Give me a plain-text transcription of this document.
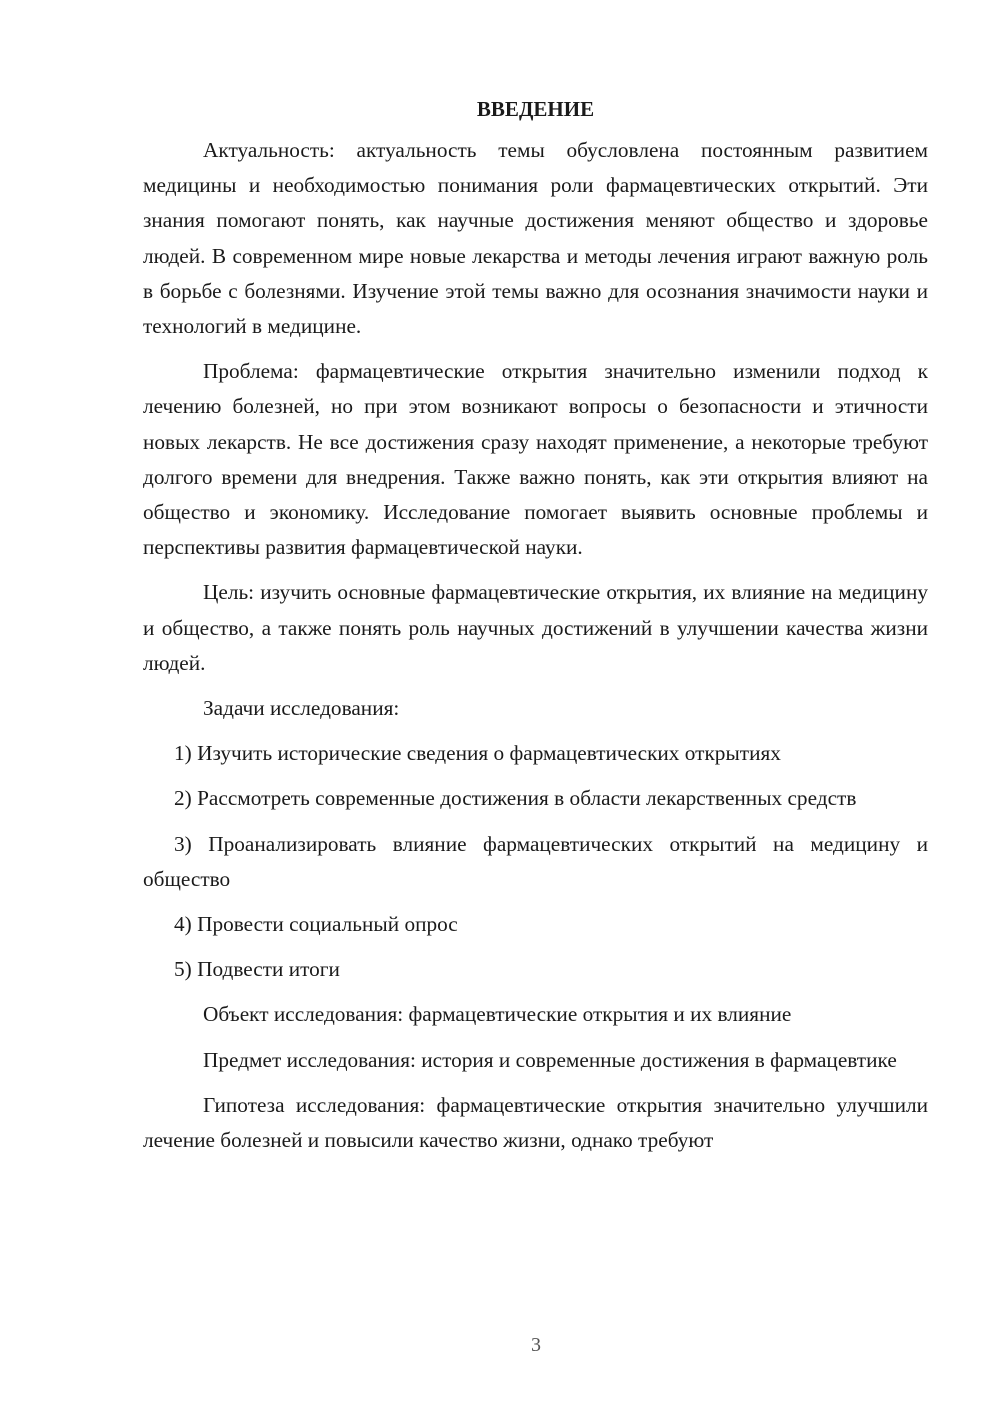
ВВЕДЕНИЕ

Актуальность: актуальность темы обусловлена постоянным развитием медицины и необходимостью понимания роли фармацевтических открытий. Эти знания помогают понять, как научные достижения меняют общество и здоровье людей. В современном мире новые лекарства и методы лечения играют важную роль в борьбе с болезнями. Изучение этой темы важно для осознания значимости науки и технологий в медицине.

Проблема: фармацевтические открытия значительно изменили подход к лечению болезней, но при этом возникают вопросы о безопасности и этичности новых лекарств. Не все достижения сразу находят применение, а некоторые требуют долгого времени для внедрения. Также важно понять, как эти открытия влияют на общество и экономику. Исследование помогает выявить основные проблемы и перспективы развития фармацевтической науки.

Цель: изучить основные фармацевтические открытия, их влияние на медицину и общество, а также понять роль научных достижений в улучшении качества жизни людей.

Задачи исследования:

1) Изучить исторические сведения о фармацевтических открытиях

2) Рассмотреть современные достижения в области лекарственных средств

3) Проанализировать влияние фармацевтических открытий на медицину и общество

4) Провести социальный опрос

5) Подвести итоги

Объект исследования: фармацевтические открытия и их влияние

Предмет исследования: история и современные достижения в фармацевтике

Гипотеза исследования: фармацевтические открытия значительно улучшили лечение болезней и повысили качество жизни, однако требуют

3
